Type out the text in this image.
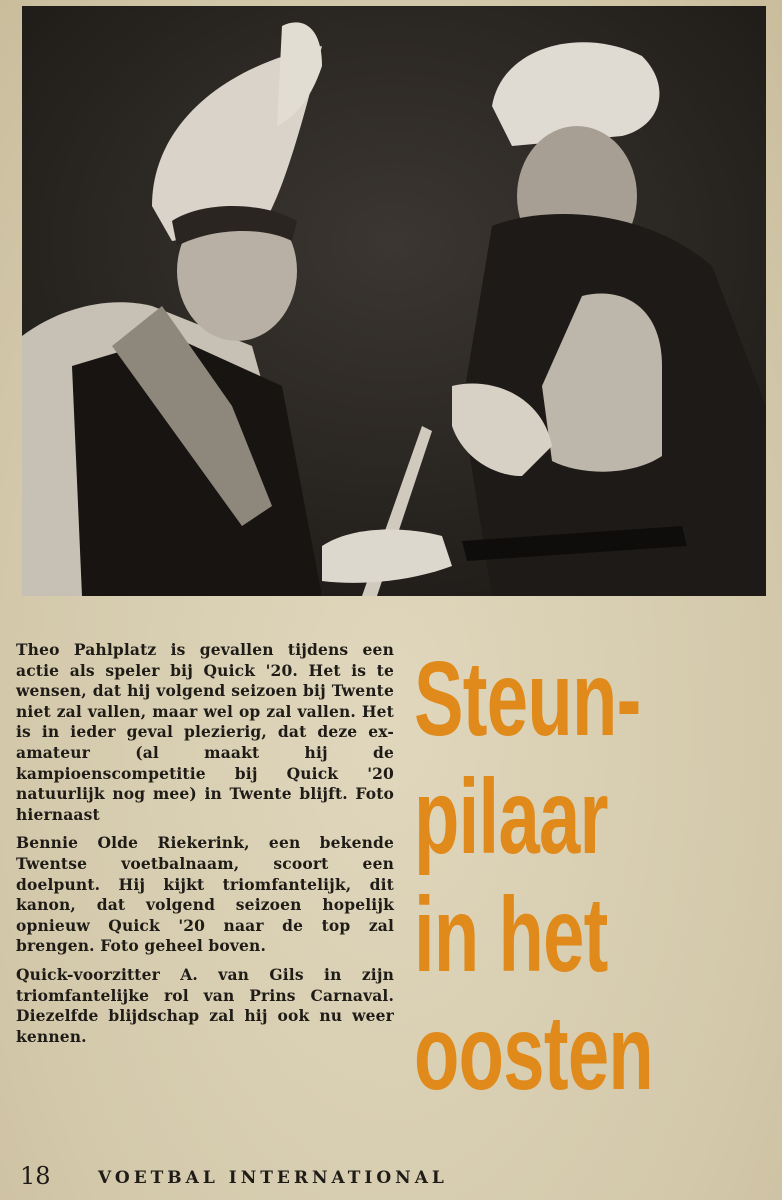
Theo Pahlplatz is gevallen tijdens een actie als speler bij Quick '20. Het is te wensen, dat hij volgend seizoen bij Twente niet zal vallen, maar wel op zal vallen. Het is in ieder geval plezierig, dat deze ex-amateur (al maakt hij de kampioenscompetitie bij Quick '20 natuurlijk nog mee) in Twente blijft. Foto hiernaast

Bennie Olde Riekerink, een bekende Twentse voetbalnaam, scoort een doelpunt. Hij kijkt triomfantelijk, dit kanon, dat volgend seizoen hopelijk opnieuw Quick '20 naar de top zal brengen. Foto geheel boven.

Quick-voorzitter A. van Gils in zijn triomfantelijke rol van Prins Carnaval. Diezelfde blijdschap zal hij ook nu weer kennen.

Steun-
pilaar
in het
oosten
18	VOETBAL INTERNATIONAL
